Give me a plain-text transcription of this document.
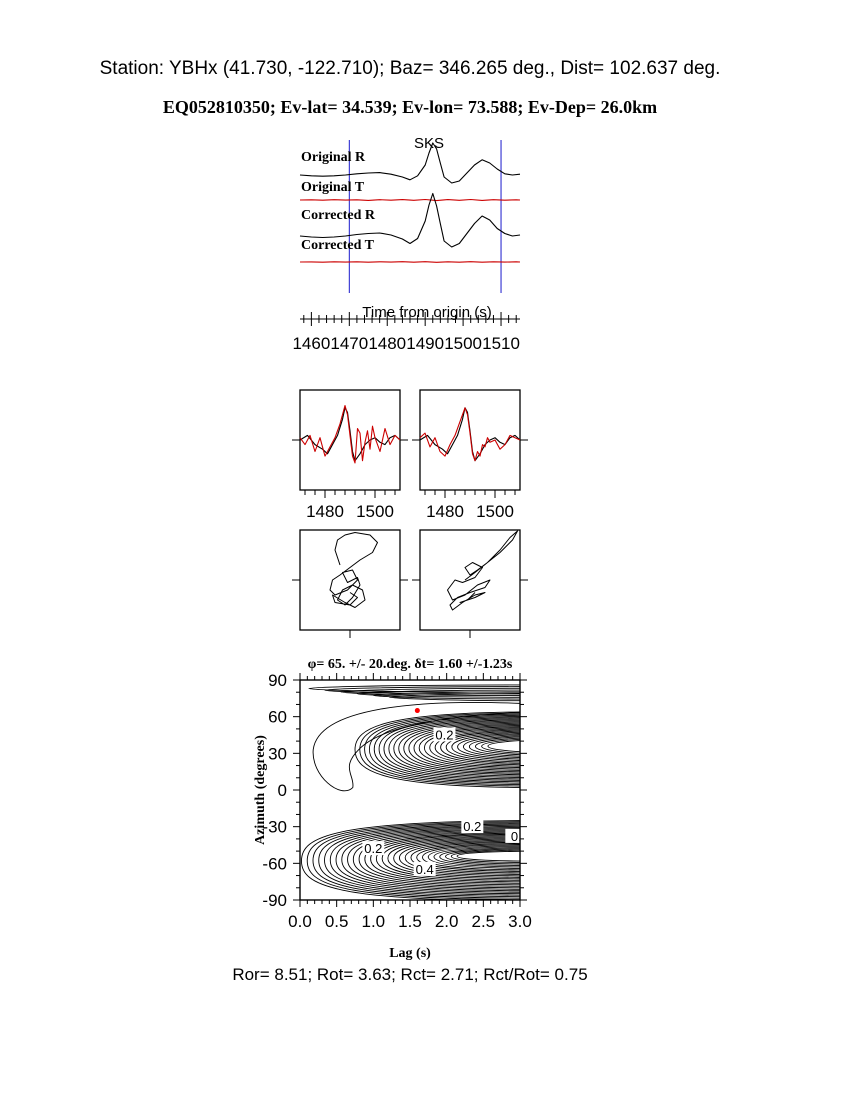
Station: YBHx (41.730, -122.710); Baz= 346.265 deg., Dist= 102.637 deg.
EQ052810350; Ev-lat= 34.539; Ev-lon= 73.588; Ev-Dep= 26.0km
SKS
Original R
Original T
Corrected R
Corrected T
1460 1470 1480 1490 1500 1510
Time from origin (s)
1480 1500 1480 1500
0.2
0.2
0.2
0.4
0.
-90
-60
-30
0
30
60
90
0.0 0.5 1.0 1.5 2.0 2.5 3.0
φ= 65. +/- 20.deg. δt= 1.60 +/-1.23s
Lag (s)
Azimuth (degrees)
Ror= 8.51; Rot= 3.63; Rct= 2.71; Rct/Rot= 0.75
